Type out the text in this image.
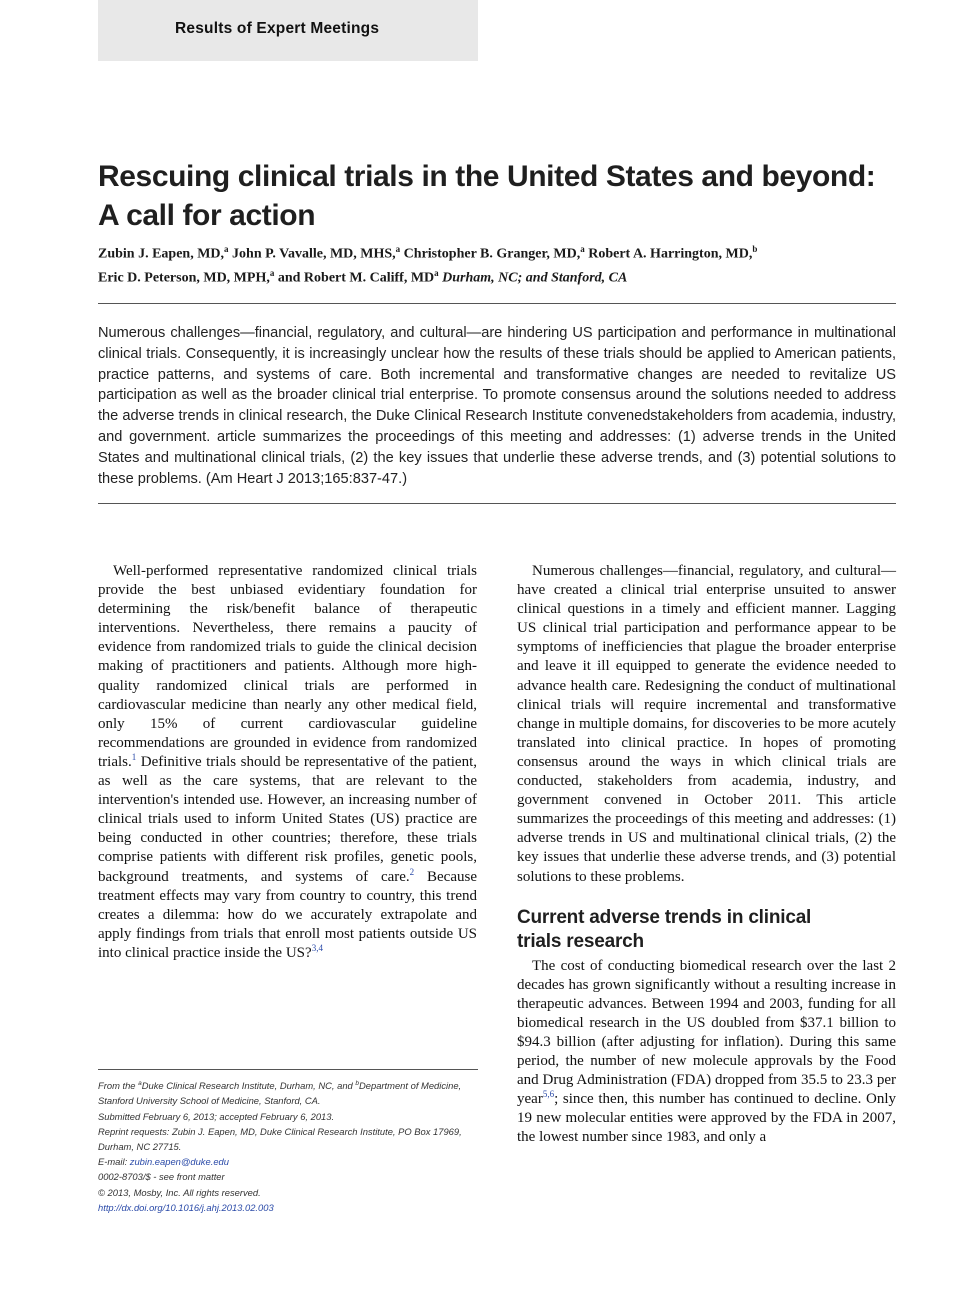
Results of Expert Meetings
Rescuing clinical trials in the United States and beyond:
A call for action
Zubin J. Eapen, MD,$^a$ John P. Vavalle, MD, MHS,$^a$ Christopher B. Granger, MD,$^a$ Robert A. Harrington, MD,$^b$
Eric D. Peterson, MD, MPH,$^a$ and Robert M. Califf, $MD^a$ Durham, NC; and Stanford, CA

Numerous challenges—financial, regulatory, and cultural—are hindering US participation and performance in multinational clinical trials. Consequently, it is increasingly unclear how the results of these trials should be applied to American patients, practice patterns, and systems of care. Both incremental and transformative changes are needed to revitalize US participation as well as the broader clinical trial enterprise. To promote consensus around the solutions needed to address the adverse trends in clinical research, the Duke Clinical Research Institute convenedstakeholders from academia, industry, and government. article summarizes the proceedings of this meeting and addresses: (1) adverse trends in the United States and multinational clinical trials, (2) the key issues that underlie these adverse trends, and (3) potential solutions to these problems. (Am Heart J 2013;165:837-47.)

Well-performed representative randomized clinical trials provide the best unbiased evidentiary foundation for determining the risk/benefit balance of therapeutic interventions. Nevertheless, there remains a paucity of evidence from randomized trials to guide the clinical decision making of practitioners and patients. Although more high-quality randomized clinical trials are performed in cardiovascular medicine than nearly any other medical field, only 15% of current cardiovascular guideline recommendations are grounded in evidence from randomized trials.$^1$ Definitive trials should be representative of the patient, as well as the care systems, that are relevant to the intervention's intended use. However, an increasing number of clinical trials used to inform United States (US) practice are being conducted in other countries; therefore, these trials comprise patients with different risk profiles, genetic pools, background treatments, and systems of care.$^2$ Because treatment effects may vary from country to country, this trend creates a dilemma: how do we accurately extrapolate and apply findings from trials that enroll most patients outside US into clinical practice inside the US?$^{3,4}$

Numerous challenges—financial, regulatory, and cultural—have created a clinical trial enterprise unsuited to answer clinical questions in a timely and efficient manner. Lagging US clinical trial participation and performance appear to be symptoms of inefficiencies that plague the broader enterprise and leave it ill equipped to generate the evidence needed to advance health care. Redesigning the conduct of multinational clinical trials will require incremental and transformative change in multiple domains, for discoveries to be more acutely translated into clinical practice. In hopes of promoting consensus around the ways in which clinical trials are conducted, stakeholders from academia, industry, and government convened in October 2011. This article summarizes the proceedings of this meeting and addresses: (1) adverse trends in US and multinational clinical trials, (2) the key issues that underlie these adverse trends, and (3) potential solutions to these problems.

Current adverse trends in clinical
trials research

The cost of conducting biomedical research over the last 2 decades has grown significantly without a resulting increase in therapeutic advances. Between 1994 and 2003, funding for all biomedical research in the US doubled from $37.1 billion to $94.3 billion (after adjusting for inflation). During this same period, the number of new molecule approvals by the Food and Drug Administration (FDA) dropped from 35.5 to 23.3 per year$^{5,6}$; since then, this number has continued to decline. Only 19 new molecular entities were approved by the FDA in 2007, the lowest number since 1983, and only a

From the $^a$Duke Clinical Research Institute, Durham, NC, and $^b$Department of Medicine,
Stanford University School of Medicine, Stanford, CA.
Submitted February 6, 2013; accepted February 6, 2013.
Reprint requests: Zubin J. Eapen, MD, Duke Clinical Research Institute, PO Box 17969,
Durham, NC 27715.
E-mail: zubin.eapen@duke.edu
0002-8703/$ - see front matter
© 2013, Mosby, Inc. All rights reserved.
http://dx.doi.org/10.1016/j.ahj.2013.02.003
